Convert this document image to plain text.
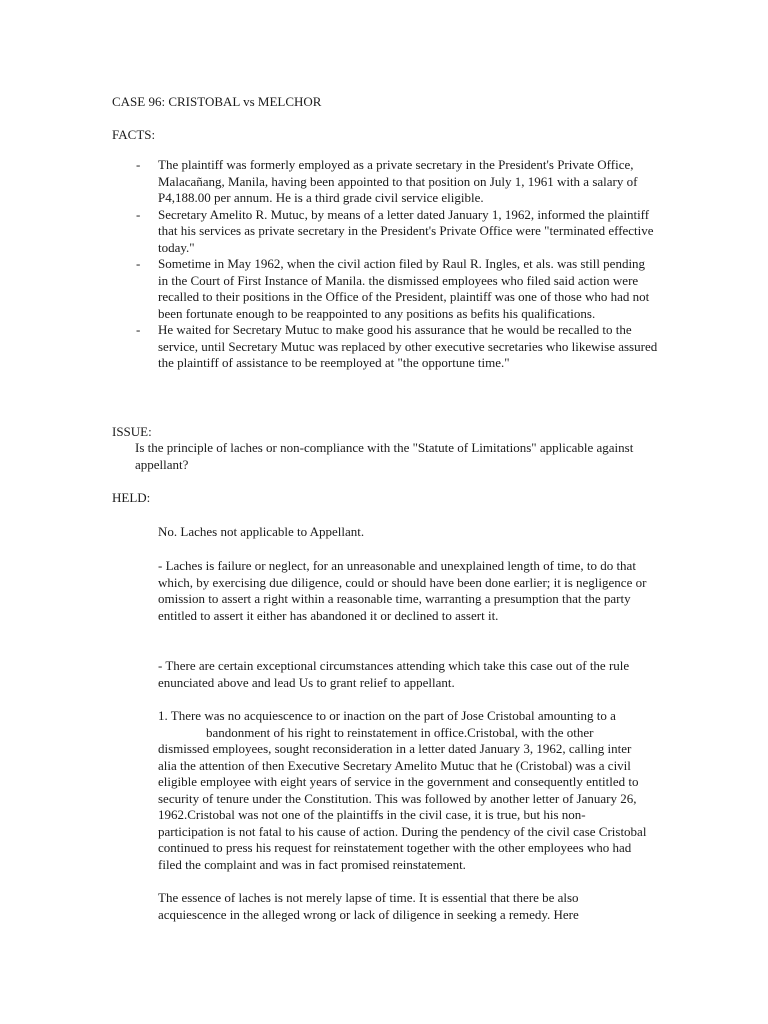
CASE 96: CRISTOBAL vs MELCHOR
FACTS:
- The plaintiff was formerly employed as a private secretary in the President's Private Office, Malacañang, Manila, having been appointed to that position on July 1, 1961 with a salary of P4,188.00 per annum. He is a third grade civil service eligible.
- Secretary Amelito R. Mutuc, by means of a letter dated January 1, 1962, informed the plaintiff that his services as private secretary in the President's Private Office were "terminated effective today."
- Sometime in May 1962, when the civil action filed by Raul R. Ingles, et als. was still pending in the Court of First Instance of Manila. the dismissed employees who filed said action were recalled to their positions in the Office of the President, plaintiff was one of those who had not been fortunate enough to be reappointed to any positions as befits his qualifications.
- He waited for Secretary Mutuc to make good his assurance that he would be recalled to the service, until Secretary Mutuc was replaced by other executive secretaries who likewise assured the plaintiff of assistance to be reemployed at "the opportune time."
ISSUE:
Is the principle of laches or non-compliance with the "Statute of Limitations" applicable against appellant?
HELD:
No. Laches not applicable to Appellant.
- Laches is failure or neglect, for an unreasonable and unexplained length of time, to do that which, by exercising due diligence, could or should have been done earlier; it is negligence or omission to assert a right within a reasonable time, warranting a presumption that the party entitled to assert it either has abandoned it or declined to assert it.
- There are certain exceptional circumstances attending which take this case out of the rule enunciated above and lead Us to grant relief to appellant.
1. There was no acquiescence to or inaction on the part of Jose Cristobal amounting to a
bandonment of his right to reinstatement in office.Cristobal, with the other dismissed employees, sought reconsideration in a letter dated January 3, 1962, calling inter alia the attention of then Executive Secretary Amelito Mutuc that he (Cristobal) was a civil eligible employee with eight years of service in the government and consequently entitled to security of tenure under the Constitution. This was followed by another letter of January 26, 1962.Cristobal was not one of the plaintiffs in the civil case, it is true, but his non-participation is not fatal to his cause of action. During the pendency of the civil case Cristobal continued to press his request for reinstatement together with the other employees who had filed the complaint and was in fact promised reinstatement.
The essence of laches is not merely lapse of time. It is essential that there be also acquiescence in the alleged wrong or lack of diligence in seeking a remedy. Here
